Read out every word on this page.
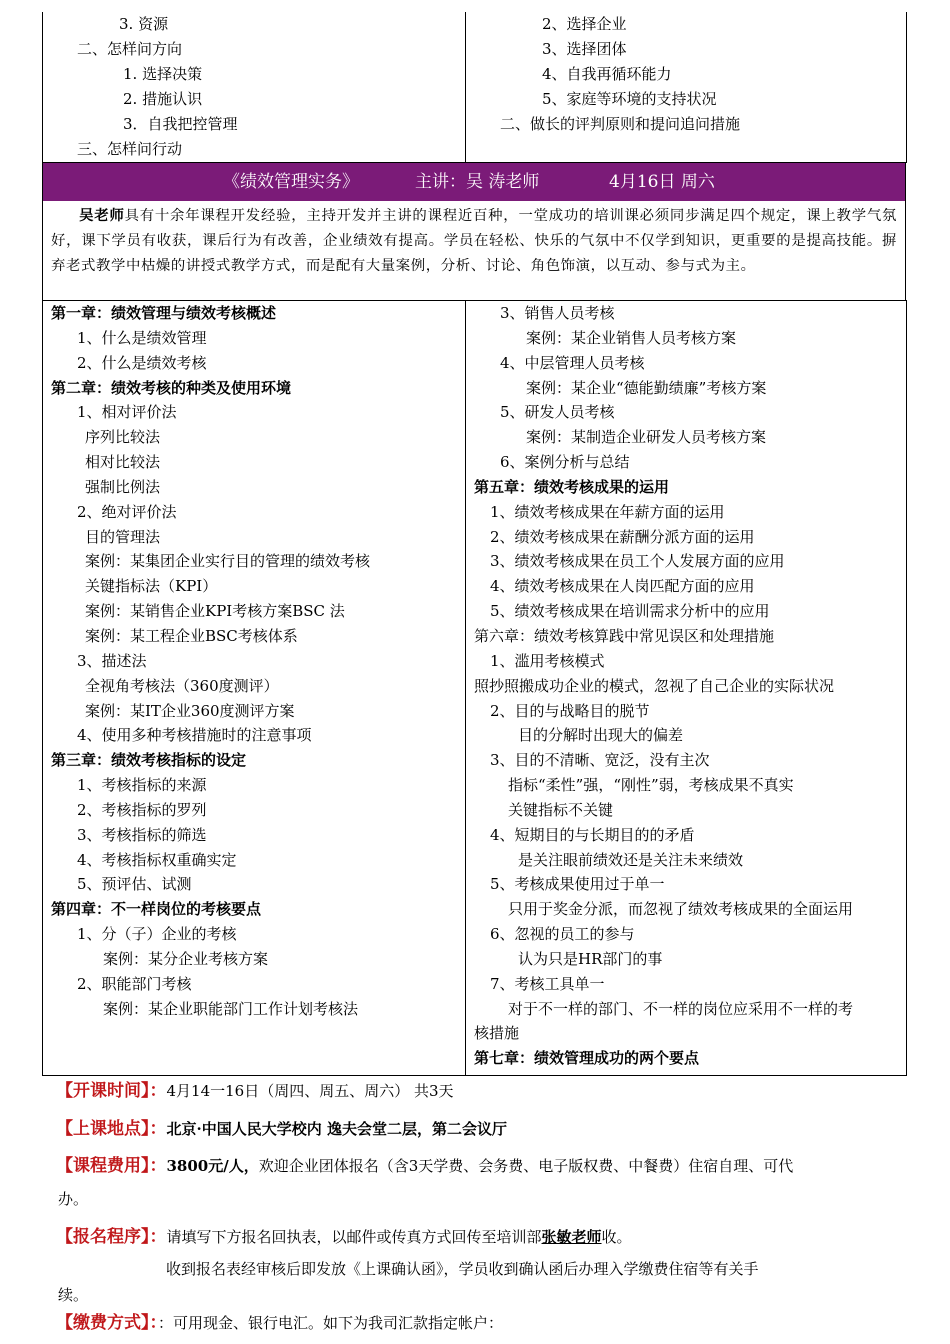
3. 资源
二、怎样问方向
1. 选择决策
2. 措施认识
3．自我把控管理
三、怎样问行动

2、选择企业
3、选择团体
4、自我再循环能力
5、家庭等环境的支持状况
二、做长的评判原则和提问追问措施
《绩效管理实务》	主讲：吴 涛老师	4月16日 周六
吴老师具有十余年课程开发经验，主持开发并主讲的课程近百种，一堂成功的培训课必须同步满足四个规定，课上教学气氛好，课下学员有收获，课后行为有改善，企业绩效有提高。学员在轻松、快乐的气氛中不仅学到知识，更重要的是提高技能。摒弃老式教学中枯燥的讲授式教学方式，而是配有大量案例，分析、讨论、角色饰演，以互动、参与式为主。
第一章：绩效管理与绩效考核概述
1、什么是绩效管理
2、什么是绩效考核
第二章：绩效考核的种类及使用环境
1、相对评价法
序列比较法
相对比较法
强制比例法
2、绝对评价法
目的管理法
案例：某集团企业实行目的管理的绩效考核
关键指标法（KPI）
案例：某销售企业KPI考核方案BSC 法
案例：某工程企业BSC考核体系
3、描述法
全视角考核法（360度测评）
案例：某IT企业360度测评方案
4、使用多种考核措施时的注意事项
第三章：绩效考核指标的设定
1、考核指标的来源
2、考核指标的罗列
3、考核指标的筛选
4、考核指标权重确实定
5、预评估、试测
第四章：不一样岗位的考核要点
1、分（子）企业的考核
案例：某分企业考核方案
2、职能部门考核
案例：某企业职能部门工作计划考核法

3、销售人员考核
案例：某企业销售人员考核方案
4、中层管理人员考核
案例：某企业“德能勤绩廉”考核方案
5、研发人员考核
案例：某制造企业研发人员考核方案
6、案例分析与总结
第五章：绩效考核成果的运用
1、绩效考核成果在年薪方面的运用
2、绩效考核成果在薪酬分派方面的运用
3、绩效考核成果在员工个人发展方面的应用
4、绩效考核成果在人岗匹配方面的应用
5、绩效考核成果在培训需求分析中的应用
第六章：绩效考核算践中常见误区和处理措施
1、滥用考核模式
照抄照搬成功企业的模式，忽视了自己企业的实际状况
2、目的与战略目的脱节
目的分解时出现大的偏差
3、目的不清晰、宽泛，没有主次
指标“柔性”强，“刚性”弱，考核成果不真实
关键指标不关键
4、短期目的与长期目的的矛盾
是关注眼前绩效还是关注未来绩效
5、考核成果使用过于单一
只用于奖金分派，而忽视了绩效考核成果的全面运用
6、忽视的员工的参与
认为只是HR部门的事
7、考核工具单一
对于不一样的部门、不一样的岗位应采用不一样的考
核措施
第七章：绩效管理成功的两个要点
【开课时间】：4月14一16日（周四、周五、周六） 共3天
【上课地点】：北京·中国人民大学校内 逸夫会堂二层，第二会议厅
【课程费用】：3800元/人，欢迎企业团体报名（含3天学费、会务费、电子版权费、中餐费）住宿自理、可代
办。
【报名程序】：请填写下方报名回执表，以邮件或传真方式回传至培训部张敏老师收。
收到报名表经审核后即发放《上课确认函》，学员收到确认函后办理入学缴费住宿等有关手
续。
【缴费方式】：：可用现金、银行电汇。如下为我司汇款指定帐户：
